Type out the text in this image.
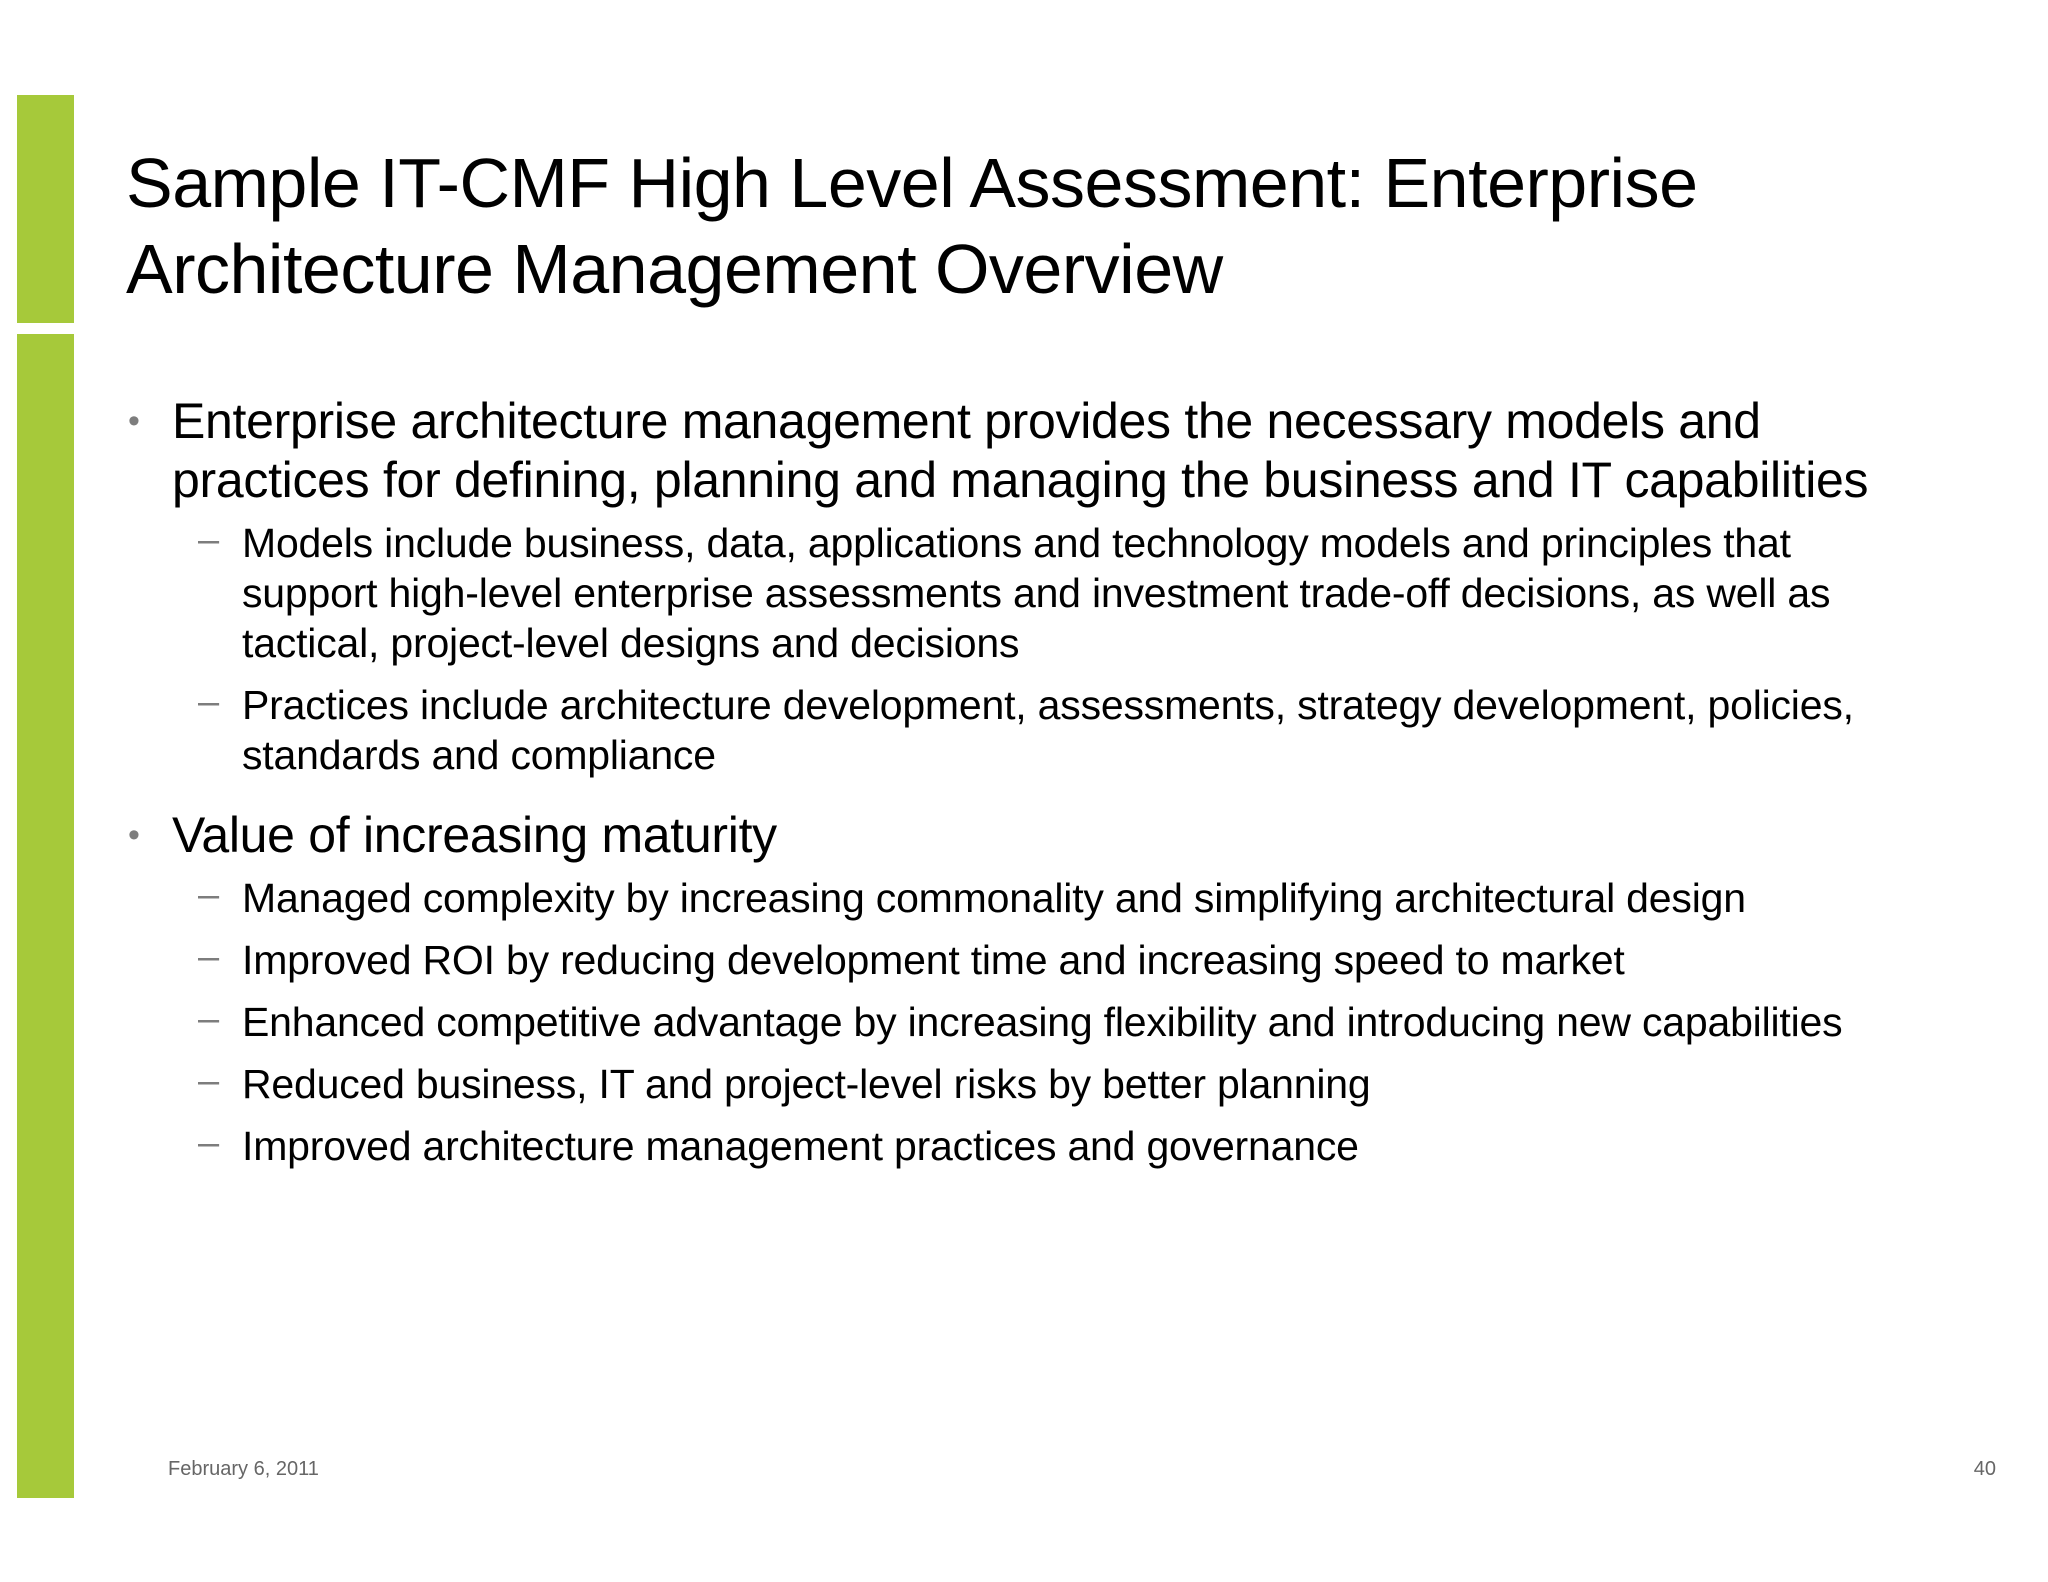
Sample IT-CMF High Level Assessment: Enterprise Architecture Management Overview
• Enterprise architecture management provides the necessary models and practices for defining, planning and managing the business and IT capabilities
– Models include business, data, applications and technology models and principles that support high-level enterprise assessments and investment trade-off decisions, as well as tactical, project-level designs and decisions
– Practices include architecture development, assessments, strategy development, policies, standards and compliance
• Value of increasing maturity
– Managed complexity by increasing commonality and simplifying architectural design
– Improved ROI by reducing development time and increasing speed to market
– Enhanced competitive advantage by increasing flexibility and introducing new capabilities
– Reduced business, IT and project-level risks by better planning
– Improved architecture management practices and governance
February 6, 2011	40
